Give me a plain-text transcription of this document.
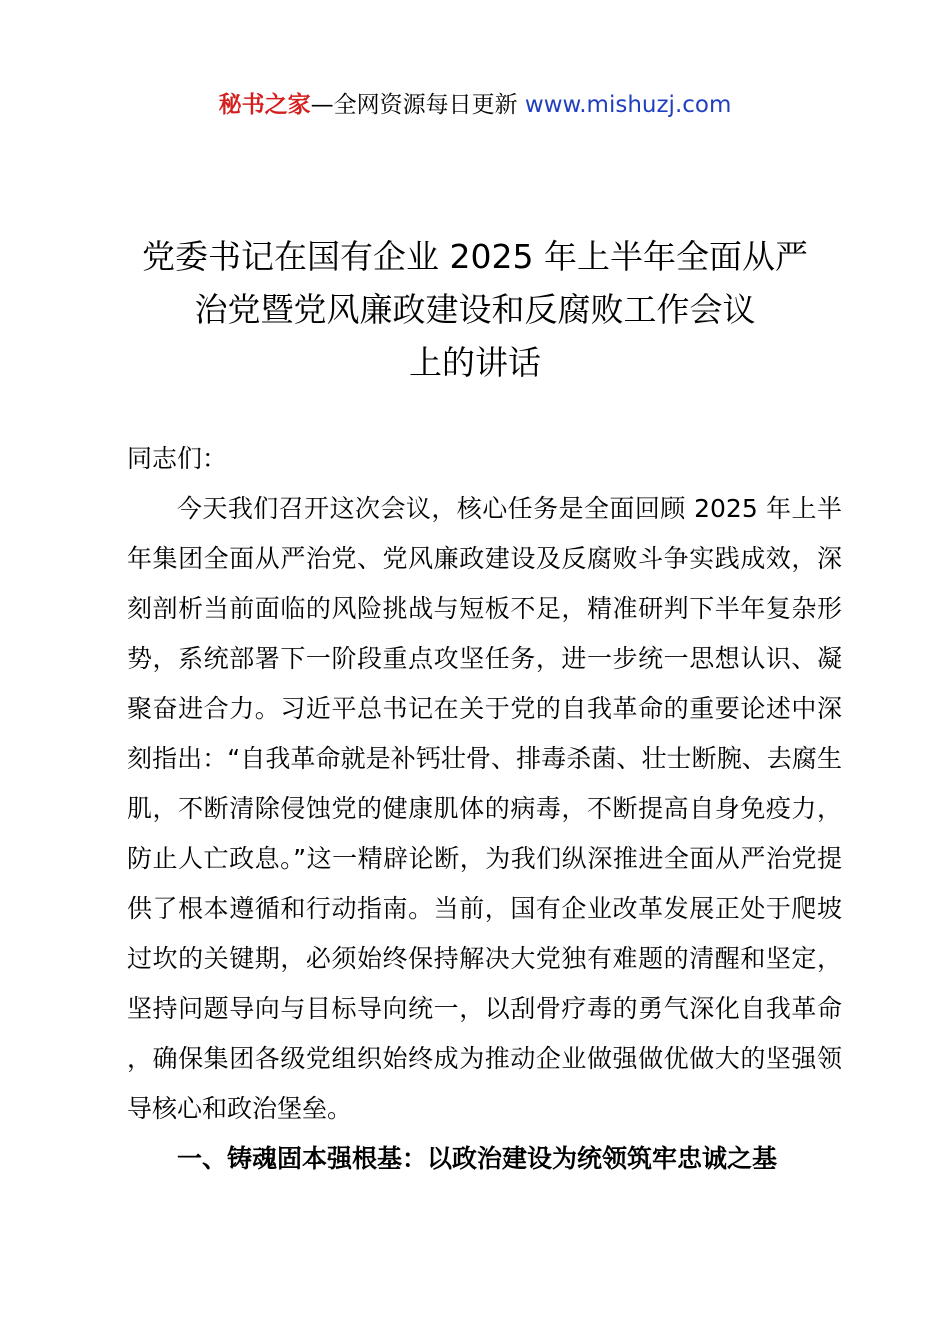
秘书之家—全网资源每日更新 www.mishuzj.com
党委书记在国有企业 2025 年上半年全面从严
治党暨党风廉政建设和反腐败工作会议
上的讲话

同志们：

今天我们召开这次会议，核心任务是全面回顾 2025 年上半年集团全面从严治党、党风廉政建设及反腐败斗争实践成效，深刻剖析当前面临的风险挑战与短板不足，精准研判下半年复杂形势，系统部署下一阶段重点攻坚任务，进一步统一思想认识、凝聚奋进合力。习近平总书记在关于党的自我革命的重要论述中深刻指出：“自我革命就是补钙壮骨、排毒杀菌、壮士断腕、去腐生肌，不断清除侵蚀党的健康肌体的病毒，不断提高自身免疫力，防止人亡政息。”这一精辟论断，为我们纵深推进全面从严治党提供了根本遵循和行动指南。当前，国有企业改革发展正处于爬坡过坎的关键期，必须始终保持解决大党独有难题的清醒和坚定，坚持问题导向与目标导向统一，以刮骨疗毒的勇气深化自我革命，确保集团各级党组织始终成为推动企业做强做优做大的坚强领导核心和政治堡垒。

一、铸魂固本强根基：以政治建设为统领筑牢忠诚之基
